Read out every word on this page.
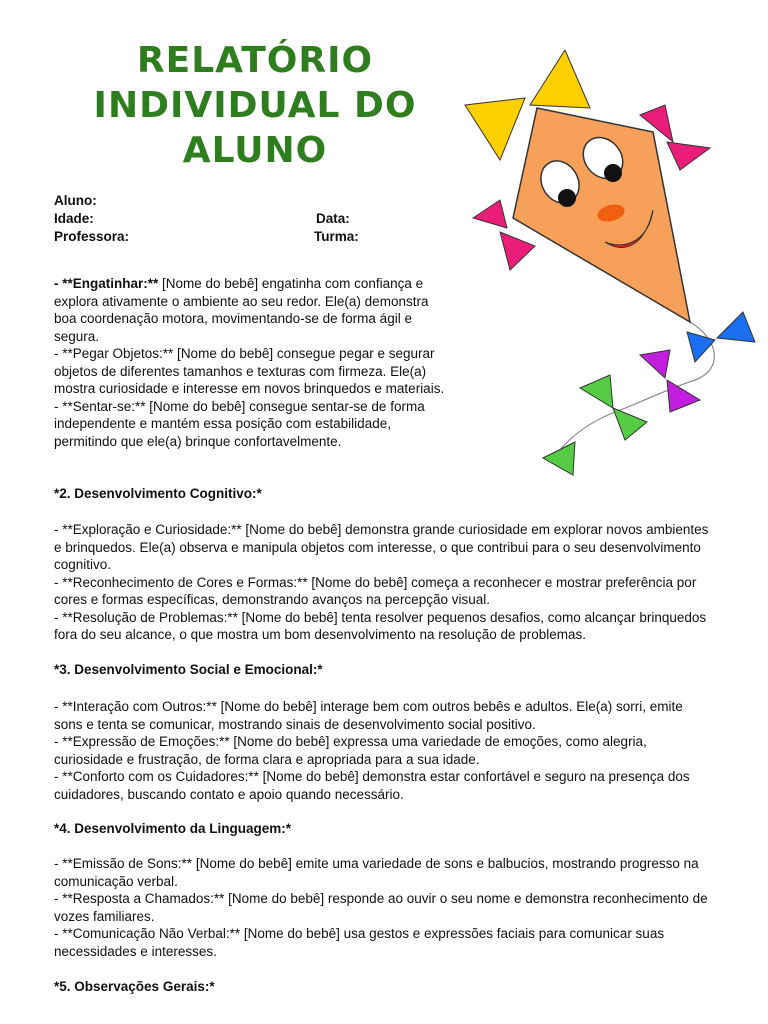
RELATÓRIO
INDIVIDUAL DO
ALUNO
Aluno:
Idade:	Data:
Professora:	Turma:

- **Engatinhar:** [Nome do bebê] engatinha com confiança e explora ativamente o ambiente ao seu redor. Ele(a) demonstra boa coordenação motora, movimentando-se de forma ágil e segura.

- **Pegar Objetos:** [Nome do bebê] consegue pegar e segurar objetos de diferentes tamanhos e texturas com firmeza. Ele(a) mostra curiosidade e interesse em novos brinquedos e materiais.

- **Sentar-se:** [Nome do bebê] consegue sentar-se de forma independente e mantém essa posição com estabilidade, permitindo que ele(a) brinque confortavelmente.

*2. Desenvolvimento Cognitivo:*

- **Exploração e Curiosidade:** [Nome do bebê] demonstra grande curiosidade em explorar novos ambientes e brinquedos. Ele(a) observa e manipula objetos com interesse, o que contribui para o seu desenvolvimento cognitivo.

- **Reconhecimento de Cores e Formas:** [Nome do bebê] começa a reconhecer e mostrar preferência por cores e formas específicas, demonstrando avanços na percepção visual.

- **Resolução de Problemas:** [Nome do bebê] tenta resolver pequenos desafios, como alcançar brinquedos fora do seu alcance, o que mostra um bom desenvolvimento na resolução de problemas.

*3. Desenvolvimento Social e Emocional:*

- **Interação com Outros:** [Nome do bebê] interage bem com outros bebês e adultos. Ele(a) sorri, emite sons e tenta se comunicar, mostrando sinais de desenvolvimento social positivo.

- **Expressão de Emoções:** [Nome do bebê] expressa uma variedade de emoções, como alegria, curiosidade e frustração, de forma clara e apropriada para a sua idade.

- **Conforto com os Cuidadores:** [Nome do bebê] demonstra estar confortável e seguro na presença dos cuidadores, buscando contato e apoio quando necessário.

*4. Desenvolvimento da Linguagem:*

- **Emissão de Sons:** [Nome do bebê] emite uma variedade de sons e balbucios, mostrando progresso na comunicação verbal.

- **Resposta a Chamados:** [Nome do bebê] responde ao ouvir o seu nome e demonstra reconhecimento de vozes familiares.

- **Comunicação Não Verbal:** [Nome do bebê] usa gestos e expressões faciais para comunicar suas necessidades e interesses.

*5. Observações Gerais:*
